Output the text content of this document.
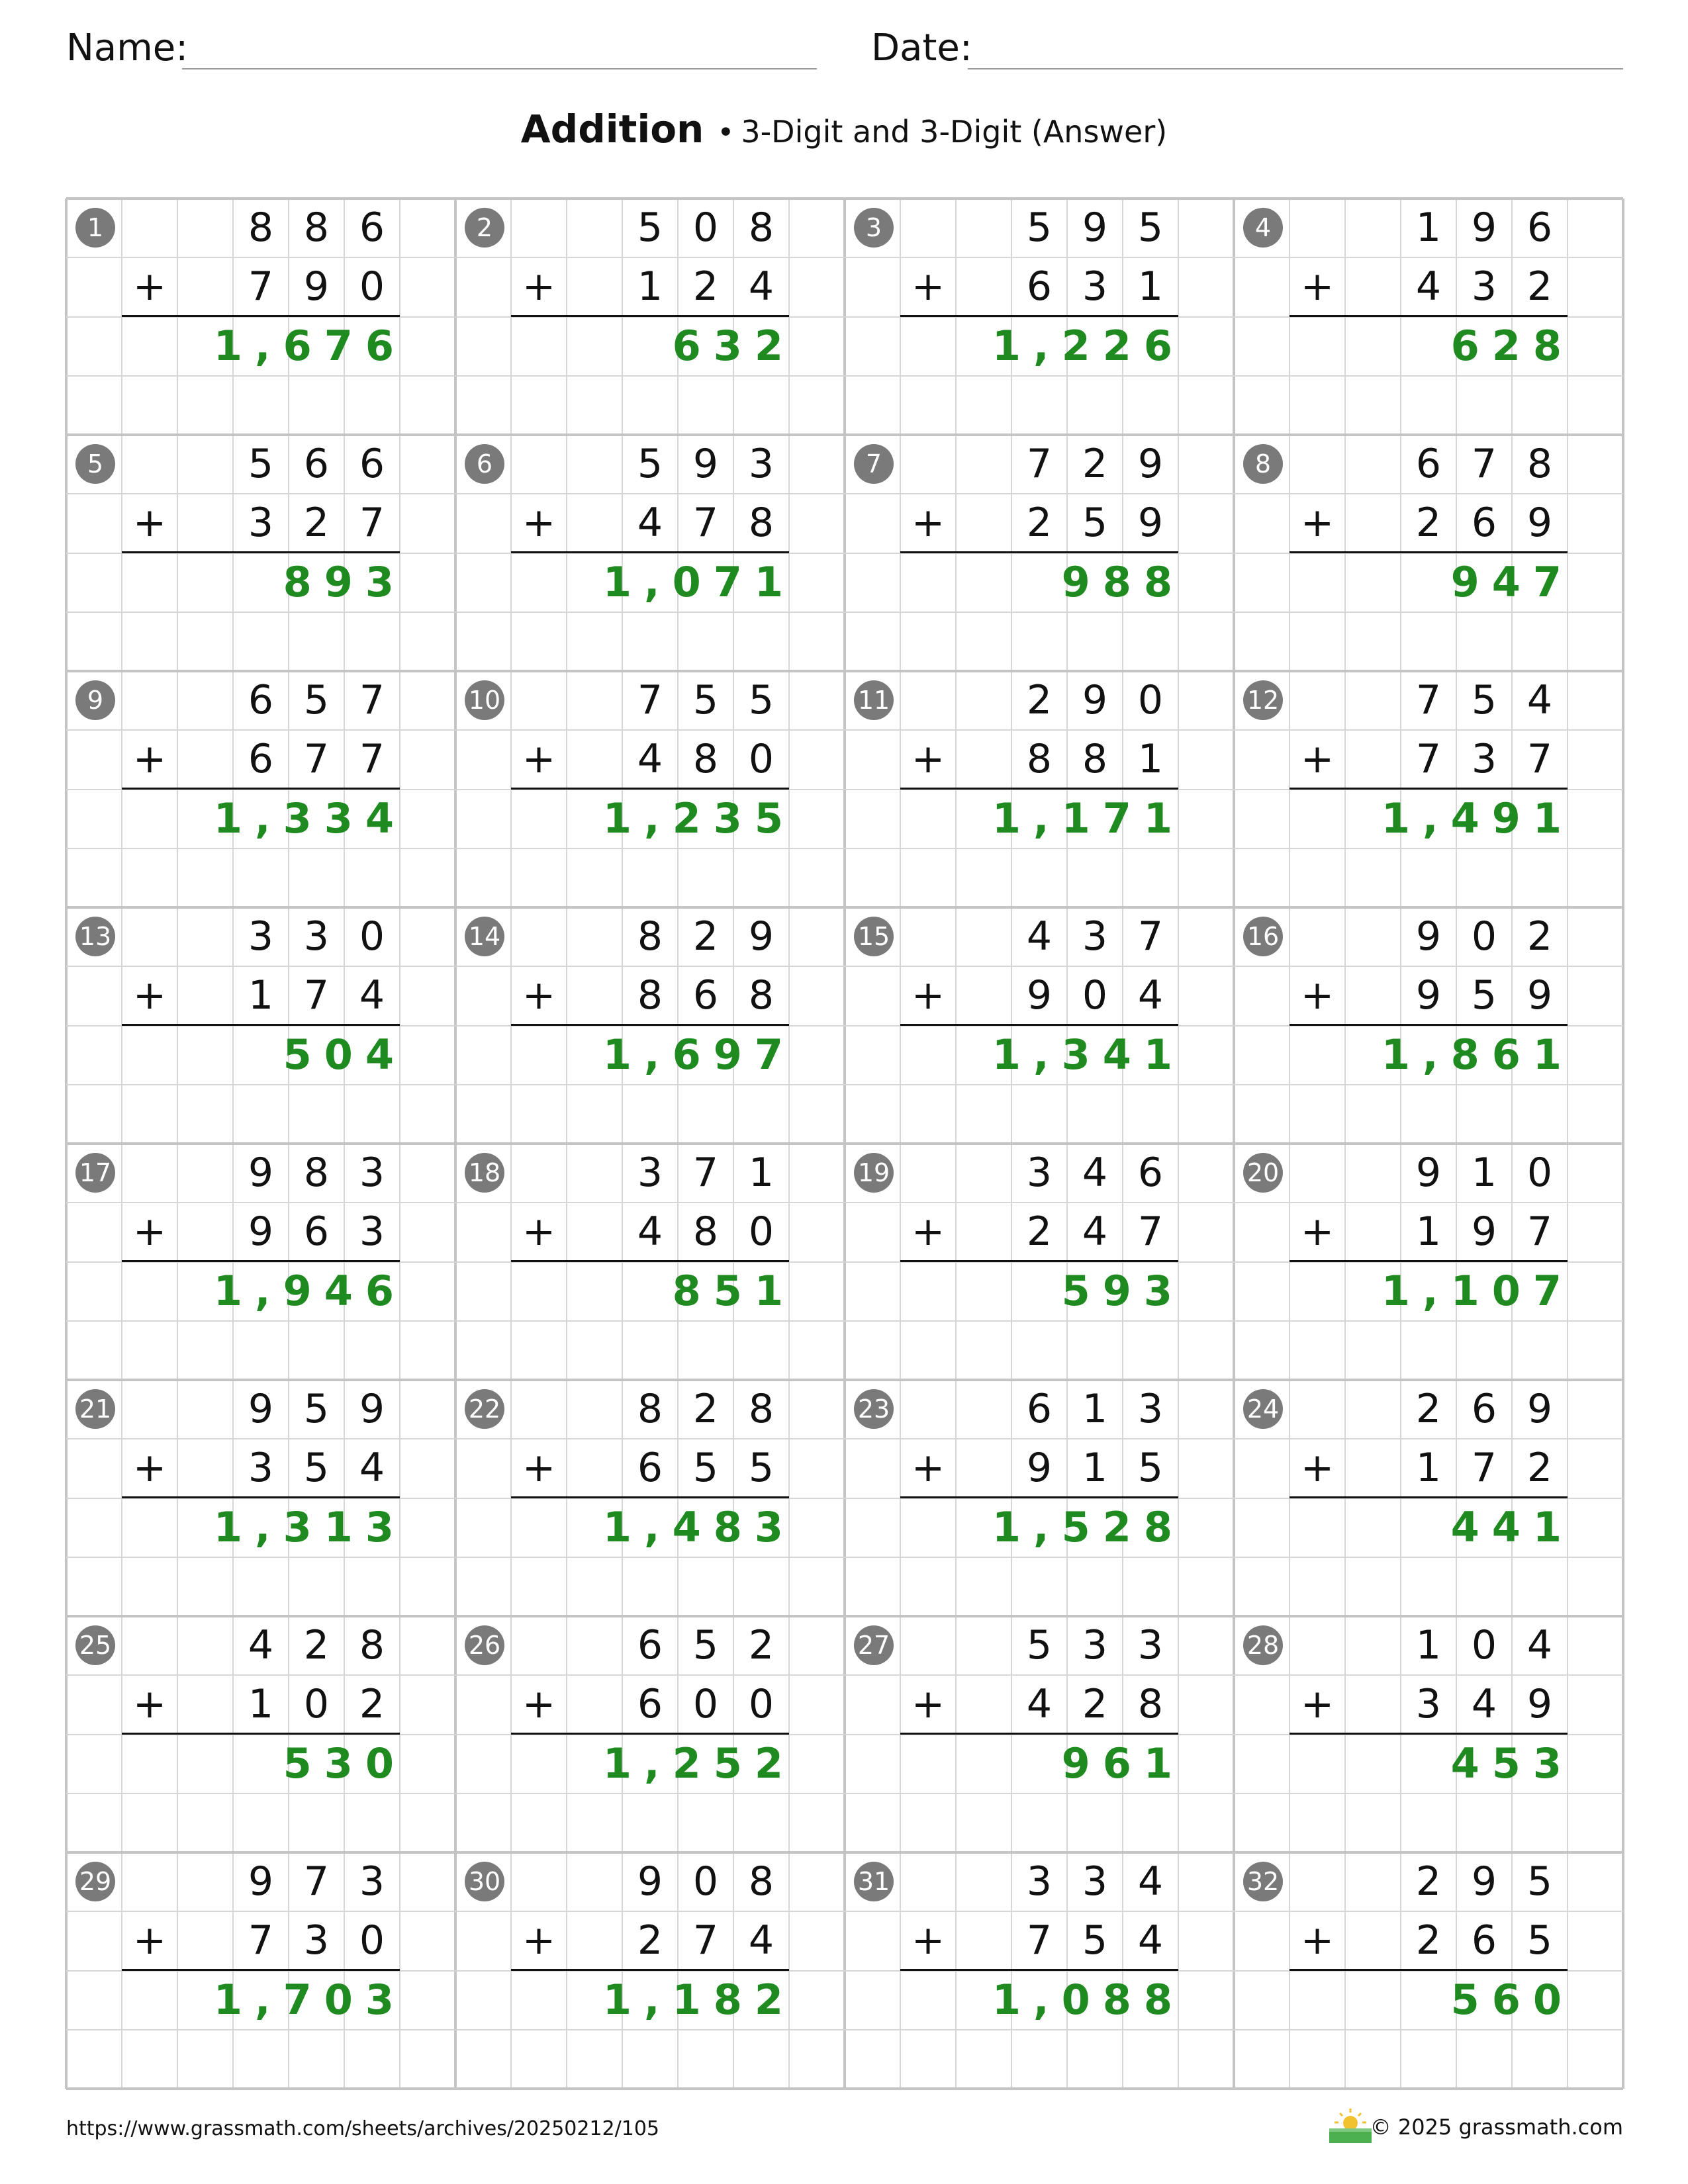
Name:	Date:
Addition • 3-Digit and 3-Digit (Answer)
1	8 8 6
7 9 0
+
1,676
2	5 0 8
1 2 4
+
632
3	5 9 5
6 3 1
+
1,226
4	1 9 6
4 3 2
+
628
5	5 6 6
3 2 7
+
893
6	5 9 3
4 7 8
+
1,071
7	7 2 9
2 5 9
+
988
8	6 7 8
2 6 9
+
947
9	6 5 7
6 7 7
+
1,334
10	7 5 5
4 8 0
+
1,235
11	2 9 0
8 8 1
+
1,171
12	7 5 4
7 3 7
+
1,491
13	3 3 0
1 7 4
+
504
14	8 2 9
8 6 8
+
1,697
15	4 3 7
9 0 4
+
1,341
16	9 0 2
9 5 9
+
1,861
17	9 8 3
9 6 3
+
1,946
18	3 7 1
4 8 0
+
851
19	3 4 6
2 4 7
+
593
20	9 1 0
1 9 7
+
1,107
21	9 5 9
3 5 4
+
1,313
22	8 2 8
6 5 5
+
1,483
23	6 1 3
9 1 5
+
1,528
24	2 6 9
1 7 2
+
441
25	4 2 8
1 0 2
+
530
26	6 5 2
6 0 0
+
1,252
27	5 3 3
4 2 8
+
961
28	1 0 4
3 4 9
+
453
29	9 7 3
7 3 0
+
1,703
30	9 0 8
2 7 4
+
1,182
31	3 3 4
7 5 4
+
1,088
32	2 9 5
2 6 5
+
560
https://www.grassmath.com/sheets/archives/20250212/105	© 2025 grassmath.com
